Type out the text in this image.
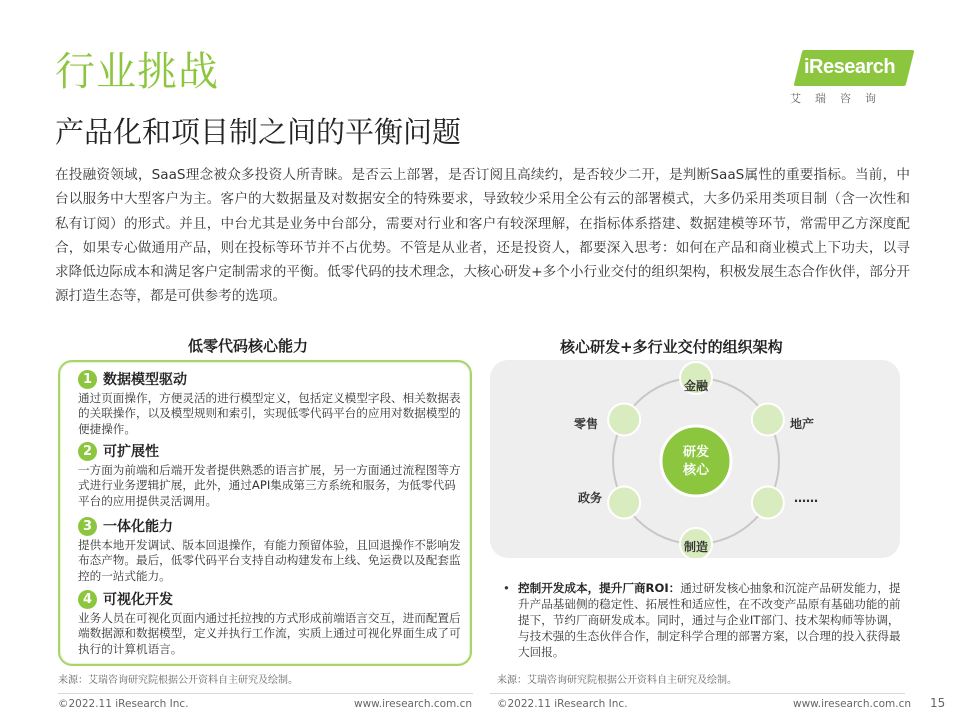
行业挑战
产品化和项目制之间的平衡问题
iResearch
艾瑞咨询
在投融资领域，SaaS理念被众多投资人所青睐。是否云上部署，是否订阅且高续约，是否较少二开，是判断SaaS属性的重要指标。当前，中台以服务中大型客户为主。客户的大数据量及对数据安全的特殊要求，导致较少采用全公有云的部署模式，大多仍采用类项目制（含一次性和私有订阅）的形式。并且，中台尤其是业务中台部分，需要对行业和客户有较深理解，在指标体系搭建、数据建模等环节，常需甲乙方深度配合，如果专心做通用产品，则在投标等环节并不占优势。不管是从业者，还是投资人，都要深入思考：如何在产品和商业模式上下功夫，以寻求降低边际成本和满足客户定制需求的平衡。低零代码的技术理念，大核心研发+多个小行业交付的组织架构，积极发展生态合作伙伴，部分开源打造生态等，都是可供参考的选项。
低零代码核心能力	核心研发+多行业交付的组织架构
1 数据模型驱动
通过页面操作，方便灵活的进行模型定义，包括定义模型字段、相关数据表的关联操作，以及模型规则和索引，实现低零代码平台的应用对数据模型的便捷操作。
2 可扩展性
一方面为前端和后端开发者提供熟悉的语言扩展，另一方面通过流程图等方式进行业务逻辑扩展，此外，通过API集成第三方系统和服务，为低零代码平台的应用提供灵活调用。
3 一体化能力
提供本地开发调试、版本回退操作，有能力预留体验，且回退操作不影响发布态产物。最后，低零代码平台支持自动构建发布上线、免运费以及配套监控的一站式能力。
4 可视化开发
业务人员在可视化页面内通过托拉拽的方式形成前端语言交互，进而配置后端数据源和数据模型，定义并执行工作流，实质上通过可视化界面生成了可执行的计算机语言。
研发
核心
金融
地产
……
制造
政务
零售
• 控制开发成本，提升厂商ROI：通过研发核心抽象和沉淀产品研发能力，提升产品基础侧的稳定性、拓展性和适应性，在不改变产品原有基础功能的前提下，节约厂商研发成本。同时，通过与企业IT部门、技术架构师等协调，与技术强的生态伙伴合作，制定科学合理的部署方案，以合理的投入获得最大回报。
来源：艾瑞咨询研究院根据公开资料自主研究及绘制。	来源：艾瑞咨询研究院根据公开资料自主研究及绘制。
©2022.11 iResearch Inc.	www.iresearch.com.cn ©2022.11 iResearch Inc.	www.iresearch.com.cn 15
